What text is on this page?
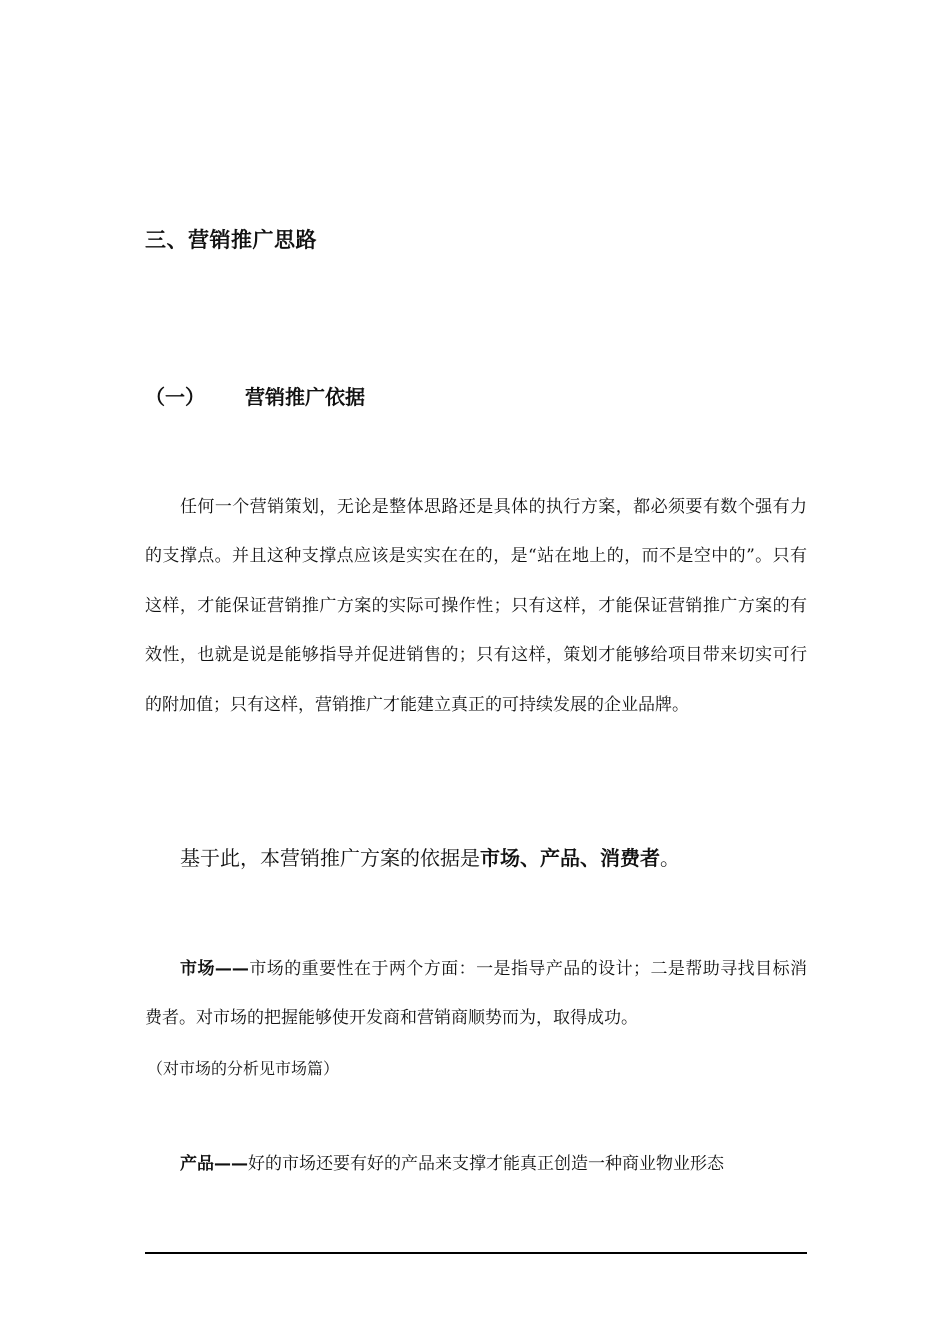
三、营销推广思路
（一） 营销推广依据
任何一个营销策划，无论是整体思路还是具体的执行方案，都必须要有数个强有力的支撑点。并且这种支撑点应该是实实在在的，是“站在地上的，而不是空中的”。只有这样，才能保证营销推广方案的实际可操作性；只有这样，才能保证营销推广方案的有效性，也就是说是能够指导并促进销售的；只有这样，策划才能够给项目带来切实可行的附加值；只有这样，营销推广才能建立真正的可持续发展的企业品牌。
基于此，本营销推广方案的依据是市场、产品、消费者。
市场——市场的重要性在于两个方面：一是指导产品的设计；二是帮助寻找目标消费者。对市场的把握能够使开发商和营销商顺势而为，取得成功。
（对市场的分析见市场篇）
产品——好的市场还要有好的产品来支撑才能真正创造一种商业物业形态
